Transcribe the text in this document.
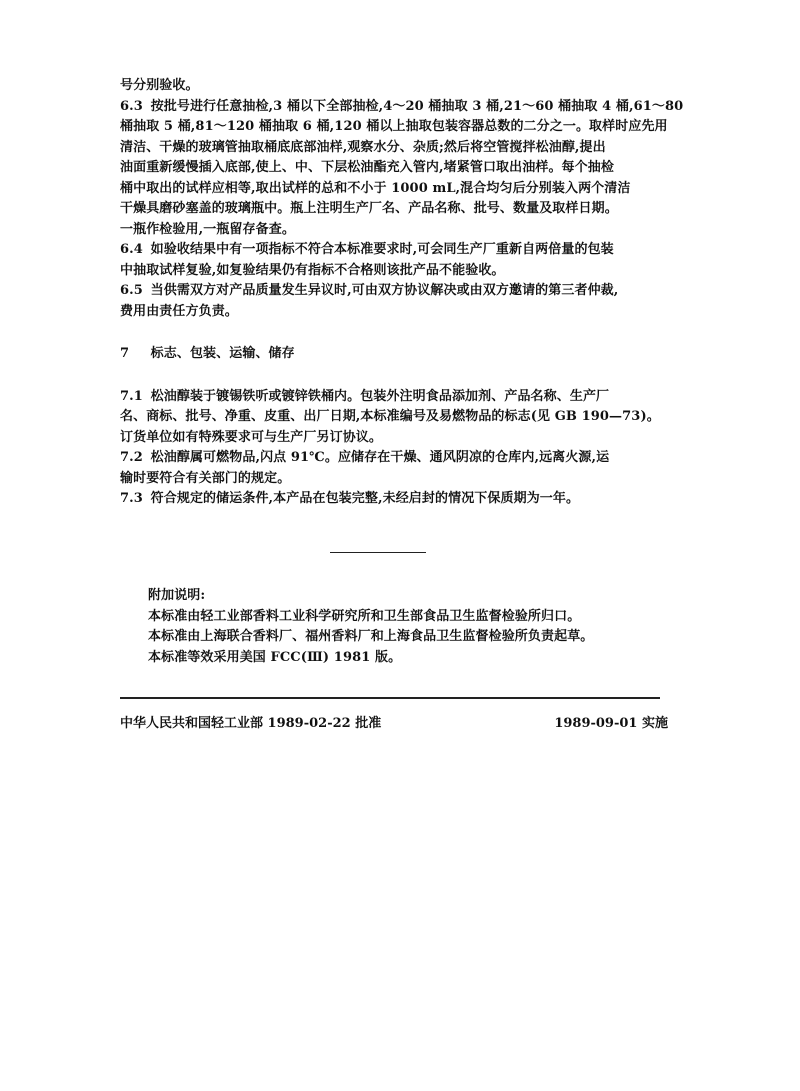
号分别验收。
6.3 按批号进行任意抽检,3 桶以下全部抽检,4～20 桶抽取 3 桶,21～60 桶抽取 4 桶,61～80
桶抽取 5 桶,81～120 桶抽取 6 桶,120 桶以上抽取包装容器总数的二分之一。取样时应先用
清洁、干燥的玻璃管抽取桶底底部油样,观察水分、杂质;然后将空管搅拌松油醇,提出
油面重新缓慢插入底部,使上、中、下层松油酯充入管内,堵紧管口取出油样。每个抽检
桶中取出的试样应相等,取出试样的总和不小于 1000 mL,混合均匀后分别装入两个清洁
干燥具磨砂塞盖的玻璃瓶中。瓶上注明生产厂名、产品名称、批号、数量及取样日期。
一瓶作检验用,一瓶留存备查。
6.4 如验收结果中有一项指标不符合本标准要求时,可会同生产厂重新自两倍量的包装
中抽取试样复验,如复验结果仍有指标不合格则该批产品不能验收。
6.5 当供需双方对产品质量发生异议时,可由双方协议解决或由双方邀请的第三者仲裁,
费用由责任方负责。
7 标志、包装、运输、储存
7.1 松油醇装于镀锡铁听或镀锌铁桶内。包装外注明食品添加剂、产品名称、生产厂
名、商标、批号、净重、皮重、出厂日期,本标准编号及易燃物品的标志(见 GB 190—73)。
订货单位如有特殊要求可与生产厂另订协议。
7.2 松油醇属可燃物品,闪点 91℃。应储存在干燥、通风阴凉的仓库内,远离火源,运
输时要符合有关部门的规定。
7.3 符合规定的储运条件,本产品在包装完整,未经启封的情况下保质期为一年。
附加说明:
本标准由轻工业部香料工业科学研究所和卫生部食品卫生监督检验所归口。
本标准由上海联合香料厂、福州香料厂和上海食品卫生监督检验所负责起草。
本标准等效采用美国 FCC(Ⅲ) 1981 版。
中华人民共和国轻工业部 1989-02-22 批准	1989-09-01 实施
